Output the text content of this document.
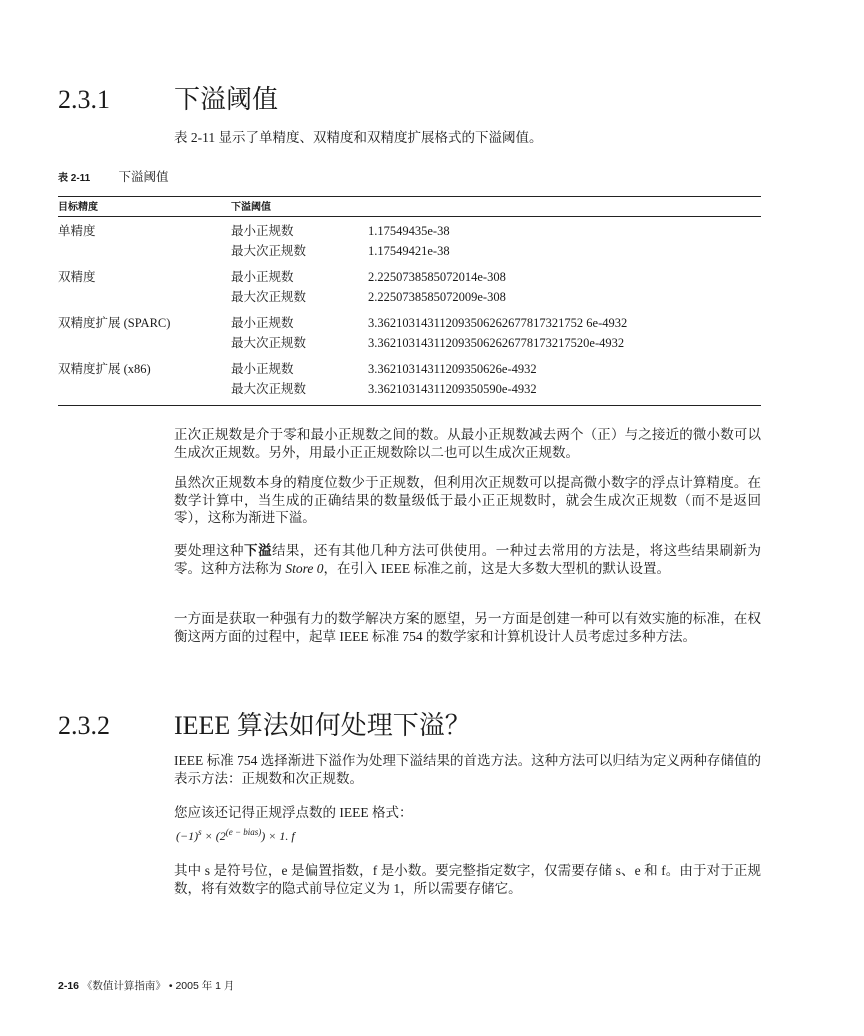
2.3.1 下溢阈值
表 2-11 显示了单精度、双精度和双精度扩展格式的下溢阈值。
表 2-11 下溢阈值
目标精度	下溢阈值	

单精度	最小正规数	1.17549435e-38
	最大次正规数	1.17549421e-38

双精度	最小正规数	2.2250738585072014e-308
	最大次正规数	2.2250738585072009e-308

双精度扩展 (SPARC)	最小正规数	3.362103143112093506262677817321752 6e-4932
	最大次正规数	3.3621031431120935062626778173217520e-4932

双精度扩展 (x86)	最小正规数	3.36210314311209350626e-4932
	最大次正规数	3.36210314311209350590e-4932
正次正规数是介于零和最小正规数之间的数。从最小正规数减去两个（正）与之接近的微小数可以生成次正规数。另外，用最小正正规数除以二也可以生成次正规数。
虽然次正规数本身的精度位数少于正规数，但利用次正规数可以提高微小数字的浮点计算精度。在数学计算中，当生成的正确结果的数量级低于最小正正规数时，就会生成次正规数（而不是返回零），这称为渐进下溢。
要处理这种下溢结果，还有其他几种方法可供使用。一种过去常用的方法是，将这些结果刷新为零。这种方法称为 Store 0，在引入 IEEE 标准之前，这是大多数大型机的默认设置。
一方面是获取一种强有力的数学解决方案的愿望，另一方面是创建一种可以有效实施的标准，在权衡这两方面的过程中，起草 IEEE 标准 754 的数学家和计算机设计人员考虑过多种方法。
2.3.2 IEEE 算法如何处理下溢？
IEEE 标准 754 选择渐进下溢作为处理下溢结果的首选方法。这种方法可以归结为定义两种存储值的表示方法：正规数和次正规数。
您应该还记得正规浮点数的 IEEE 格式：
$(-1)^s \times (2^{(e - bias)}) \times 1$. f
其中 s 是符号位，e 是偏置指数，f 是小数。要完整指定数字，仅需要存储 s、e 和 f。由于对于正规数，将有效数字的隐式前导位定义为 1，所以需要存储它。
2-16 《数值计算指南》 • 2005 年 1 月
